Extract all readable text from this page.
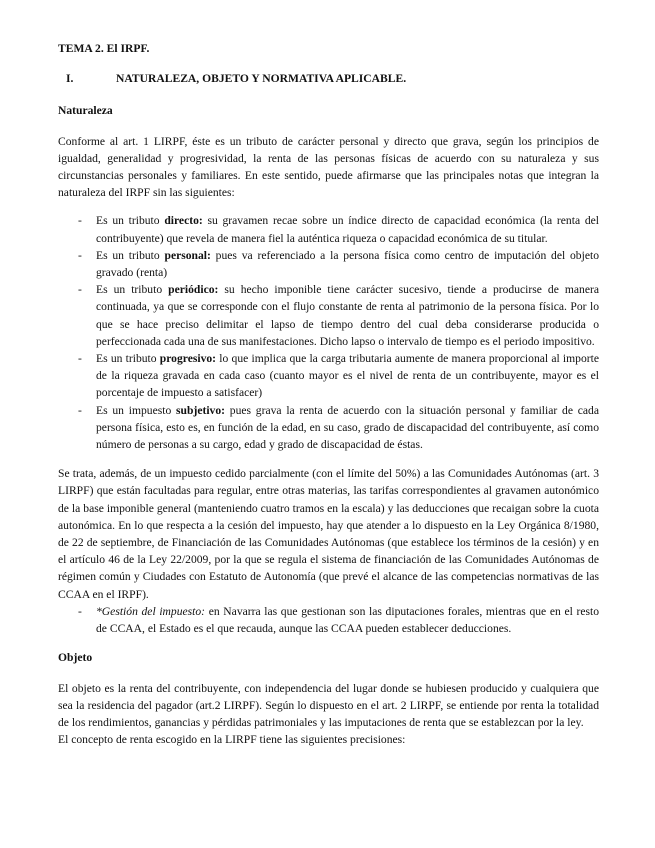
TEMA 2. El IRPF.
I.	NATURALEZA, OBJETO Y NORMATIVA APLICABLE.
Naturaleza

Conforme al art. 1 LIRPF, éste es un tributo de carácter personal y directo que grava, según los principios de igualdad, generalidad y progresividad, la renta de las personas físicas de acuerdo con su naturaleza y sus circunstancias personales y familiares. En este sentido, puede afirmarse que las principales notas que integran la naturaleza del IRPF sin las siguientes:

- Es un tributo directo: su gravamen recae sobre un índice directo de capacidad económica (la renta del contribuyente) que revela de manera fiel la auténtica riqueza o capacidad económica de su titular.
- Es un tributo personal: pues va referenciado a la persona física como centro de imputación del objeto gravado (renta)
- Es un tributo periódico: su hecho imponible tiene carácter sucesivo, tiende a producirse de manera continuada, ya que se corresponde con el flujo constante de renta al patrimonio de la persona física. Por lo que se hace preciso delimitar el lapso de tiempo dentro del cual deba considerarse producida o perfeccionada cada una de sus manifestaciones. Dicho lapso o intervalo de tiempo es el periodo impositivo.
- Es un tributo progresivo: lo que implica que la carga tributaria aumente de manera proporcional al importe de la riqueza gravada en cada caso (cuanto mayor es el nivel de renta de un contribuyente, mayor es el porcentaje de impuesto a satisfacer)
- Es un impuesto subjetivo: pues grava la renta de acuerdo con la situación personal y familiar de cada persona física, esto es, en función de la edad, en su caso, grado de discapacidad del contribuyente, así como número de personas a su cargo, edad y grado de discapacidad de éstas.

Se trata, además, de un impuesto cedido parcialmente (con el límite del 50%) a las Comunidades Autónomas (art. 3 LIRPF) que están facultadas para regular, entre otras materias, las tarifas correspondientes al gravamen autonómico de la base imponible general (manteniendo cuatro tramos en la escala) y las deducciones que recaigan sobre la cuota autonómica. En lo que respecta a la cesión del impuesto, hay que atender a lo dispuesto en la Ley Orgánica 8/1980, de 22 de septiembre, de Financiación de las Comunidades Autónomas (que establece los términos de la cesión) y en el artículo 46 de la Ley 22/2009, por la que se regula el sistema de financiación de las Comunidades Autónomas de régimen común y Ciudades con Estatuto de Autonomía (que prevé el alcance de las competencias normativas de las CCAA en el IRPF).

- *Gestión del impuesto: en Navarra las que gestionan son las diputaciones forales, mientras que en el resto de CCAA, el Estado es el que recauda, aunque las CCAA pueden establecer deducciones.
Objeto

El objeto es la renta del contribuyente, con independencia del lugar donde se hubiesen producido y cualquiera que sea la residencia del pagador (art.2 LIRPF). Según lo dispuesto en el art. 2 LIRPF, se entiende por renta la totalidad de los rendimientos, ganancias y pérdidas patrimoniales y las imputaciones de renta que se establezcan por la ley.

El concepto de renta escogido en la LIRPF tiene las siguientes precisiones:
